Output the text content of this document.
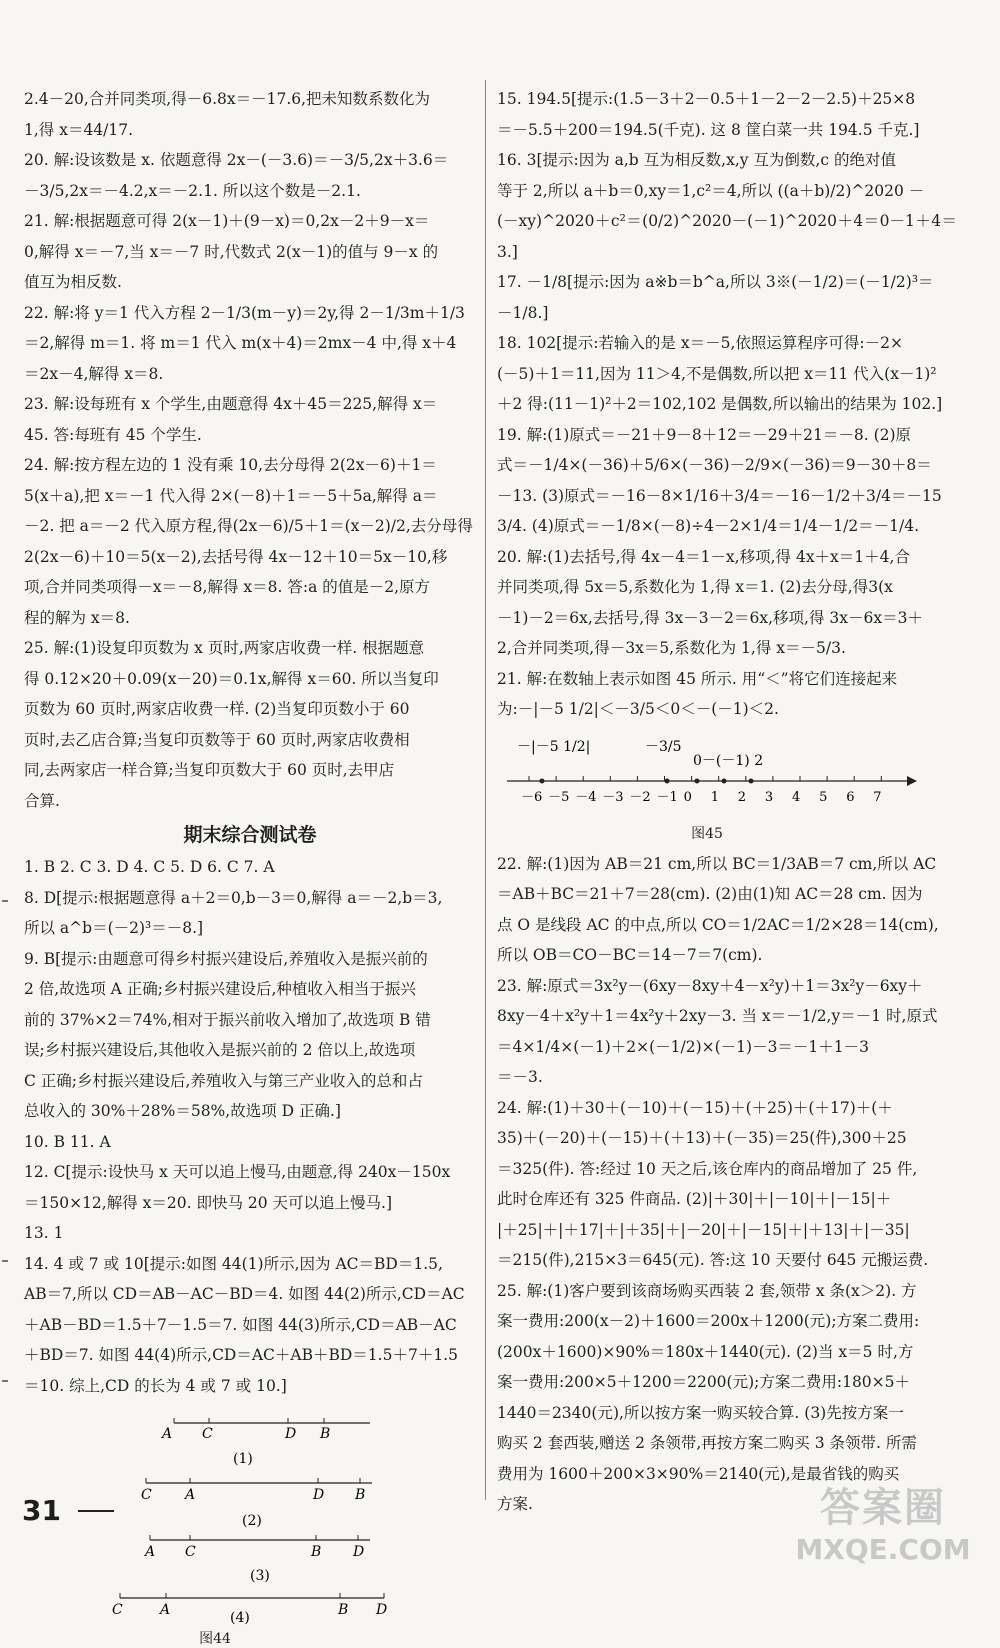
2.4－20,合并同类项,得－6.8x＝－17.6,把未知数系数化为
1,得 x＝44/17.
20. 解:设该数是 x. 依题意得 2x－(－3.6)＝－3/5,2x＋3.6＝
－3/5,2x＝－4.2,x＝－2.1. 所以这个数是－2.1.
21. 解:根据题意可得 2(x－1)＋(9－x)＝0,2x－2＋9－x＝
0,解得 x＝－7,当 x＝－7 时,代数式 2(x－1)的值与 9－x 的
值互为相反数.
22. 解:将 y＝1 代入方程 2－1/3(m－y)＝2y,得 2－1/3m＋1/3
＝2,解得 m＝1. 将 m＝1 代入 m(x＋4)＝2mx－4 中,得 x＋4
＝2x－4,解得 x＝8.
23. 解:设每班有 x 个学生,由题意得 4x＋45＝225,解得 x＝
45. 答:每班有 45 个学生.
24. 解:按方程左边的 1 没有乘 10,去分母得 2(2x－6)＋1＝
5(x＋a),把 x＝－1 代入得 2×(－8)＋1＝－5＋5a,解得 a＝
－2. 把 a＝－2 代入原方程,得(2x－6)/5＋1＝(x－2)/2,去分母得
2(2x－6)＋10＝5(x－2),去括号得 4x－12＋10＝5x－10,移
项,合并同类项得－x＝－8,解得 x＝8. 答:a 的值是－2,原方
程的解为 x＝8.
25. 解:(1)设复印页数为 x 页时,两家店收费一样. 根据题意
得 0.12×20＋0.09(x－20)＝0.1x,解得 x＝60. 所以当复印
页数为 60 页时,两家店收费一样. (2)当复印页数小于 60
页时,去乙店合算;当复印页数等于 60 页时,两家店收费相
同,去两家店一样合算;当复印页数大于 60 页时,去甲店
合算.
期末综合测试卷
1. B 2. C 3. D 4. C 5. D 6. C 7. A
8. D[提示:根据题意得 a＋2＝0,b－3＝0,解得 a＝－2,b＝3,
所以 a^b＝(－2)³＝－8.]
9. B[提示:由题意可得乡村振兴建设后,养殖收入是振兴前的
2 倍,故选项 A 正确;乡村振兴建设后,种植收入相当于振兴
前的 37%×2＝74%,相对于振兴前收入增加了,故选项 B 错
误;乡村振兴建设后,其他收入是振兴前的 2 倍以上,故选项
C 正确;乡村振兴建设后,养殖收入与第三产业收入的总和占
总收入的 30%＋28%＝58%,故选项 D 正确.]
10. B 11. A
12. C[提示:设快马 x 天可以追上慢马,由题意,得 240x－150x
＝150×12,解得 x＝20. 即快马 20 天可以追上慢马.]
13. 1
14. 4 或 7 或 10[提示:如图 44(1)所示,因为 AC＝BD＝1.5,
AB＝7,所以 CD＝AB－AC－BD＝4. 如图 44(2)所示,CD＝AC
＋AB－BD＝1.5＋7－1.5＝7. 如图 44(3)所示,CD＝AB－AC
＋BD＝7. 如图 44(4)所示,CD＝AC＋AB＋BD＝1.5＋7＋1.5
＝10. 综上,CD 的长为 4 或 7 或 10.]
A C	D B
(1)
C A	D B
(2)
A C	B D
(3)
C	A	B D
(4)
图44
15. 194.5[提示:(1.5－3＋2－0.5＋1－2－2－2.5)＋25×8
＝－5.5＋200＝194.5(千克). 这 8 筐白菜一共 194.5 千克.]
16. 3[提示:因为 a,b 互为相反数,x,y 互为倒数,c 的绝对值
等于 2,所以 a＋b＝0,xy＝1,c²＝4,所以 ((a＋b)/2)^2020 －
(－xy)^2020＋c²＝(0/2)^2020－(－1)^2020＋4＝0－1＋4＝3.]
17. －1/8[提示:因为 a※b＝b^a,所以 3※(－1/2)＝(－1/2)³＝
－1/8.]
18. 102[提示:若输入的是 x＝－5,依照运算程序可得:－2×
(－5)＋1＝11,因为 11＞4,不是偶数,所以把 x＝11 代入(x－1)²
＋2 得:(11－1)²＋2＝102,102 是偶数,所以输出的结果为 102.]
19. 解:(1)原式＝－21＋9－8＋12＝－29＋21＝－8. (2)原
式＝－1/4×(－36)＋5/6×(－36)－2/9×(－36)＝9－30＋8＝
－13. (3)原式＝－16－8×1/16＋3/4＝－16－1/2＋3/4＝－15
3/4. (4)原式＝－1/8×(－8)÷4－2×1/4＝1/4－1/2＝－1/4.
20. 解:(1)去括号,得 4x－4＝1－x,移项,得 4x＋x＝1＋4,合
并同类项,得 5x＝5,系数化为 1,得 x＝1. (2)去分母,得3(x
－1)－2＝6x,去括号,得 3x－3－2＝6x,移项,得 3x－6x＝3＋
2,合并同类项,得－3x＝5,系数化为 1,得 x＝－5/3.
21. 解:在数轴上表示如图 45 所示. 用“＜”将它们连接起来
为:－|－5 1/2|＜－3/5＜0＜－(－1)＜2.
－|－5 1/2|	－3/5
0－(－1) 2
－6 －5 －4 －3 －2 －1 0 1 2 3 4 5 6 7
图45
22. 解:(1)因为 AB＝21 cm,所以 BC＝1/3AB＝7 cm,所以 AC
＝AB＋BC＝21＋7＝28(cm). (2)由(1)知 AC＝28 cm. 因为
点 O 是线段 AC 的中点,所以 CO＝1/2AC＝1/2×28＝14(cm),
所以 OB＝CO－BC＝14－7＝7(cm).
23. 解:原式＝3x²y－(6xy－8xy＋4－x²y)＋1＝3x²y－6xy＋
8xy－4＋x²y＋1＝4x²y＋2xy－3. 当 x＝－1/2,y＝－1 时,原式
＝4×1/4×(－1)＋2×(－1/2)×(－1)－3＝－1＋1－3
＝－3.
24. 解:(1)＋30＋(－10)＋(－15)＋(＋25)＋(＋17)＋(＋
35)＋(－20)＋(－15)＋(＋13)＋(－35)＝25(件),300＋25
＝325(件). 答:经过 10 天之后,该仓库内的商品增加了 25 件,
此时仓库还有 325 件商品. (2)|＋30|＋|－10|＋|－15|＋
|＋25|＋|＋17|＋|＋35|＋|－20|＋|－15|＋|＋13|＋|－35|
＝215(件),215×3＝645(元). 答:这 10 天要付 645 元搬运费.
25. 解:(1)客户要到该商场购买西装 2 套,领带 x 条(x＞2). 方
案一费用:200(x－2)＋1600＝200x＋1200(元);方案二费用:
(200x＋1600)×90%＝180x＋1440(元). (2)当 x＝5 时,方
案一费用:200×5＋1200＝2200(元);方案二费用:180×5＋
1440＝2340(元),所以按方案一购买较合算. (3)先按方案一
购买 2 套西装,赠送 2 条领带,再按方案二购买 3 条领带. 所需
费用为 1600＋200×3×90%＝2140(元),是最省钱的购买
方案.
31	答案圈
MXQE.COM
